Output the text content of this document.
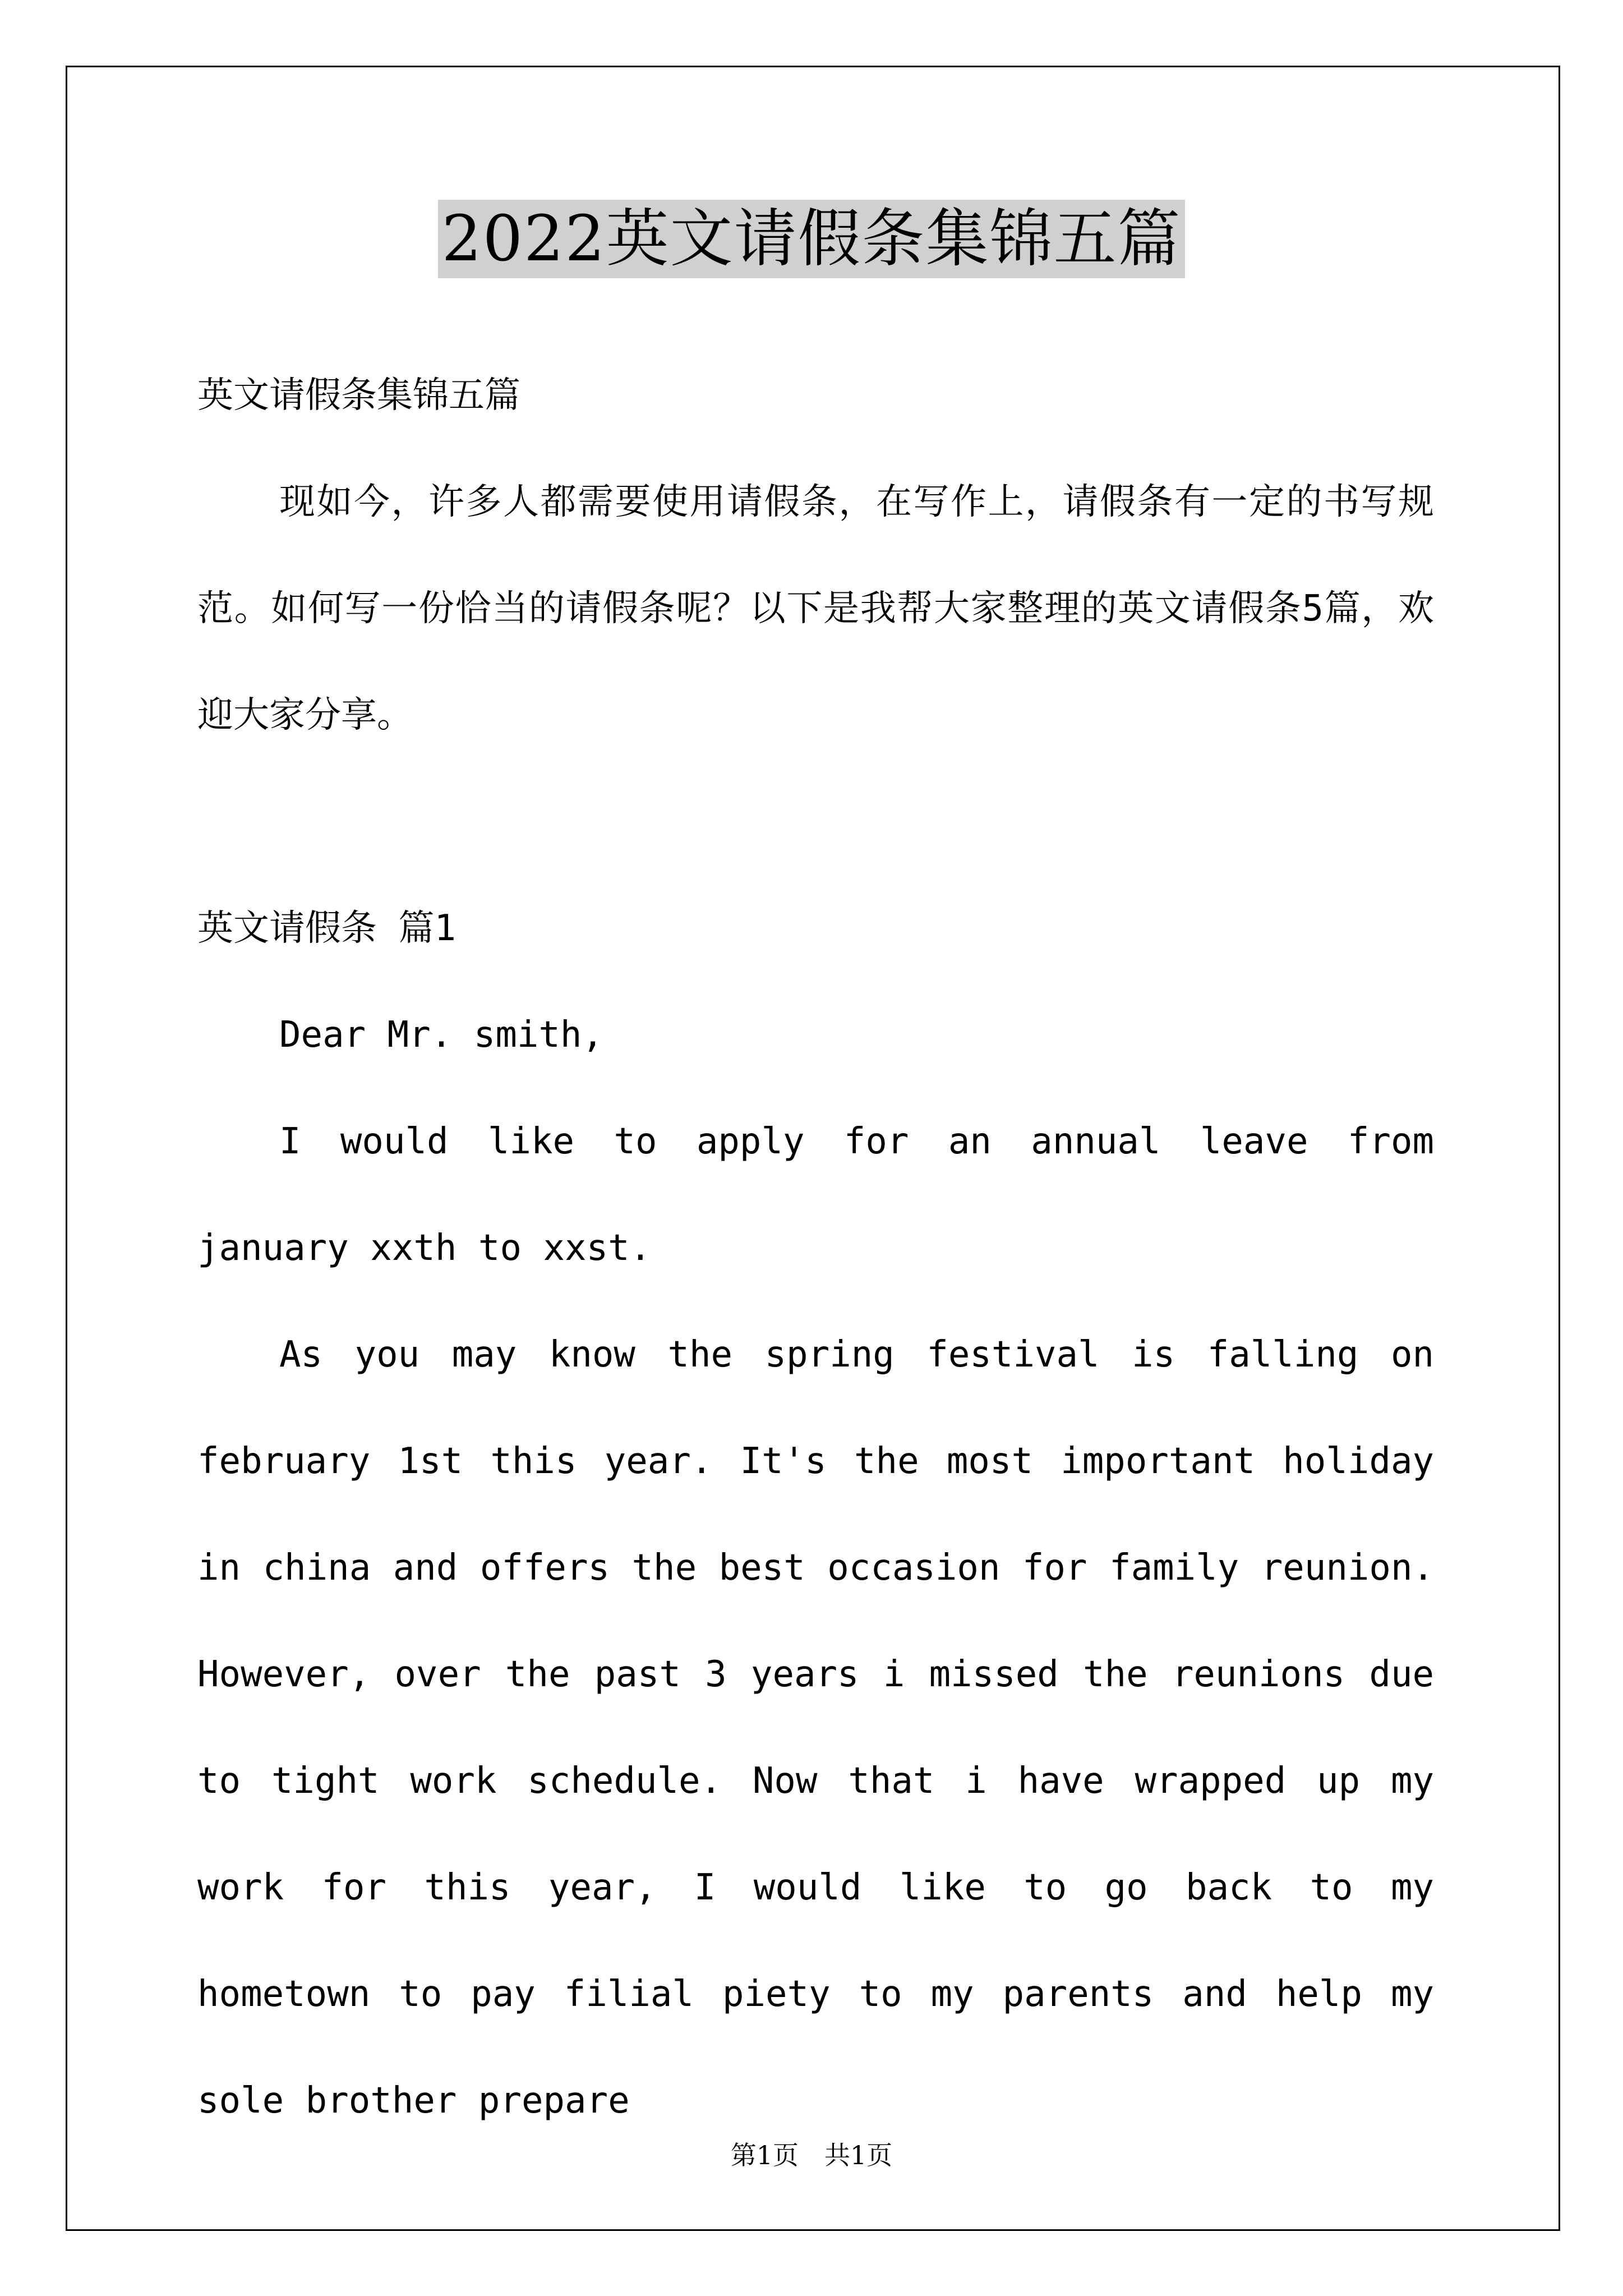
2022英文请假条集锦五篇

英文请假条集锦五篇

现如今，许多人都需要使用请假条，在写作上，请假条有一定的书写规范。如何写一份恰当的请假条呢？以下是我帮大家整理的英文请假条5篇，欢迎大家分享。

英文请假条 篇1

Dear Mr. smith,

I would like to apply for an annual leave from january xxth to xxst.

As you may know the spring festival is falling on february 1st this year. It's the most important holiday in china and offers the best occasion for family reunion. However, over the past 3 years i missed the reunions due to tight work schedule. Now that i have wrapped up my work for this year, I would like to go back to my hometown to pay filial piety to my parents and help my sole brother prepare

第1页 共1页
